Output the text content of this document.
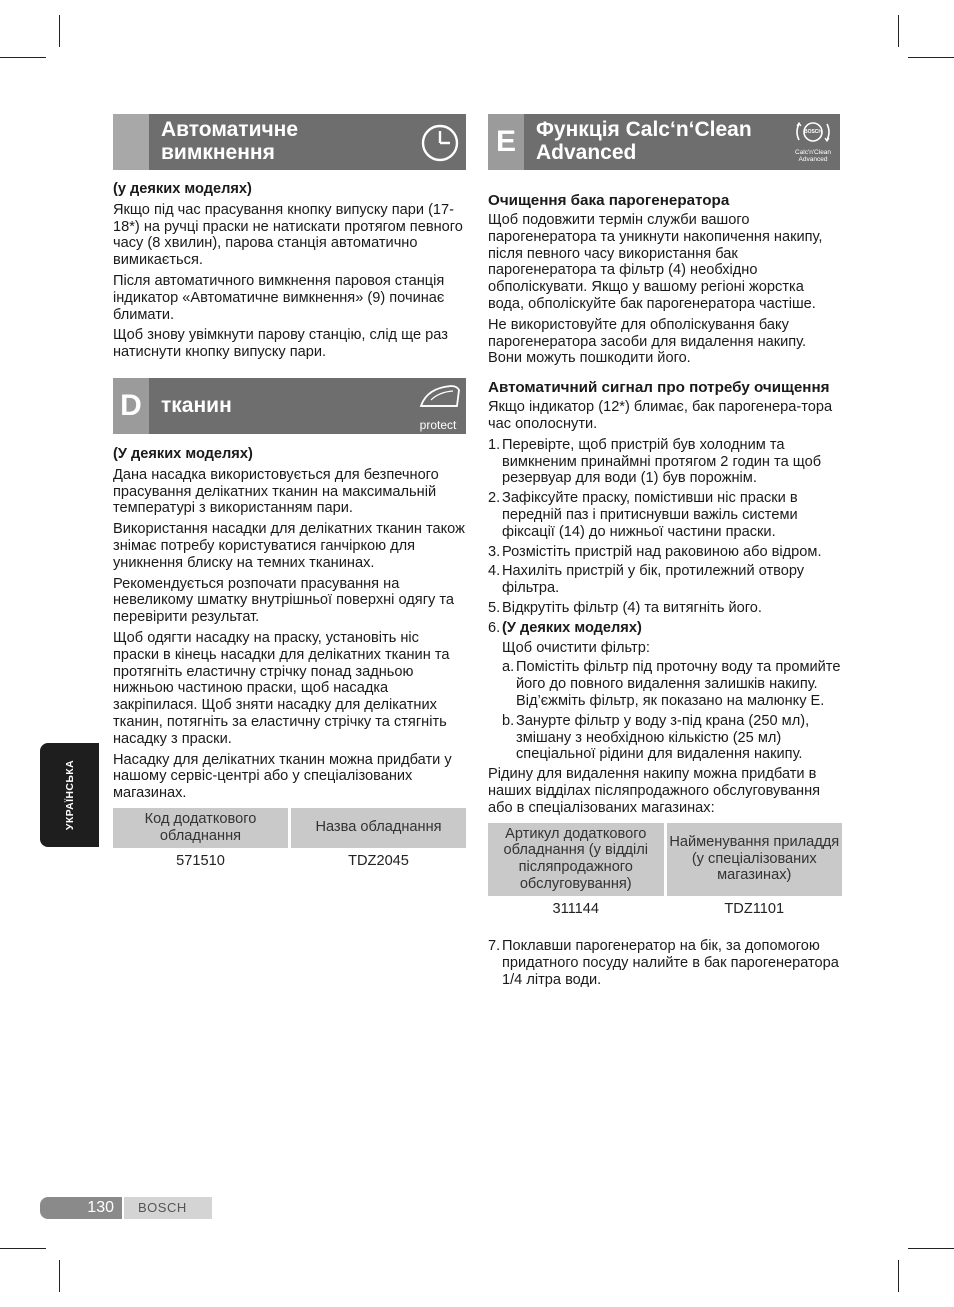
Автоматичне
вимкнення

(у деяких моделях)

Якщо під час прасування кнопку випуску пари (17-18*) на ручці праски не натискати протягом певного часу (8 хвилин), парова станція автоматично вимикається.

Після автоматичного вимкнення паровоя станція індикатор «Автоматичне вимкнення» (9) починає блимати.

Щоб знову увімкнути парову станцію, слід ще раз натиснути кнопку випуску пари.

D тканин
protect

(У деяких моделях)

Дана насадка використовується для безпечного прасування делікатних тканин на максимальній температурі з використанням пари.

Використання насадки для делікатних тканин також знімає потребу користуватися ганчіркою для уникнення блиску на темних тканинах.

Рекомендується розпочати прасування на невеликому шматку внутрішньої поверхні одягу та перевірити результат.

Щоб одягти насадку на праску, установіть ніс праски в кінець насадки для делікатних тканин та протягніть еластичну стрічку понад задньою нижньою частиною праски, щоб насадка закріпилася. Щоб зняти насадку для делікатних тканин, потягніть за еластичну стрічку та стягніть насадку з праски.

Насадку для делікатних тканин можна придбати у нашому сервіс-центрі або у спеціалізованих магазинах.

Код додаткового обладнання	Назва обладнання
571510	TDZ2045
E Функція Calc‘n‘Clean
Advanced
BOSCH
Calc'n'Clean
Advanced
Очищення бака парогенератора

Щоб подовжити термін служби вашого парогенератора та уникнути накопичення накипу, після певного часу використання бак парогенератора та фільтр (4) необхідно обполіскувати. Якщо у вашому регіоні жорстка вода, обполіскуйте бак парогенератора частіше.

Не використовуйте для обполіскування баку парогенератора засоби для видалення накипу. Вони можуть пошкодити його.

Автоматичний сигнал про потребу очищення

Якщо індикатор (12*) блимає, бак парогенера-тора час ополоснути.

1. Перевірте, щоб пристрій був холодним та вимкненим принаймні протягом 2 годин та щоб резервуар для води (1) був порожнім.
2. Зафіксуйте праску, помістивши ніс праски в передній паз і притиснувши важіль системи фіксації (14) до нижньої частини праски.
3. Розмістіть пристрій над раковиною або відром.
4. Нахиліть пристрій у бік, протилежний отвору фільтра.
5. Відкрутіть фільтр (4) та витягніть його.
6. (У деяких моделях)

Щоб очистити фільтр:

a. Помістіть фільтр під проточну воду та промийте його до повного видалення залишків накипу. Від’єжміть фільтр, як показано на малюнку E.
b. Занурте фільтр у воду з-під крана (250 мл), змішану з необхідною кількістю (25 мл) спеціальної рідини для видалення накипу.

Рідину для видалення накипу можна придбати в наших відділах післяпродажного обслуговування або в спеціалізованих магазинах:

Артикул додаткового обладнання (у відділі післяпродажного обслуговування)	Найменування приладдя
(у спеціалізованих магазинах)
311144	TDZ1101
7. Поклавши парогенератор на бік, за допомогою придатного посуду налийте в бак парогенератора 1/4 літра води.
УКРАЇНСЬКА
130	BOSCH
